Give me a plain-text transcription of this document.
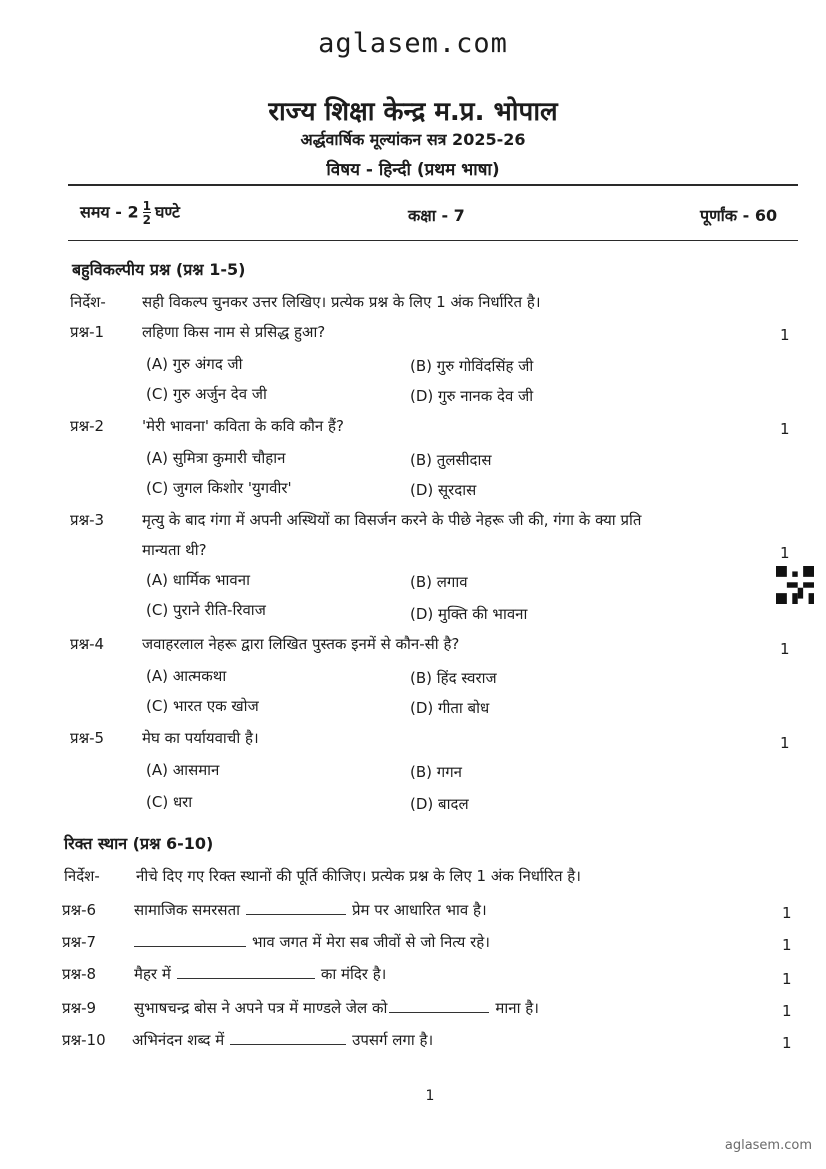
aglasem.com
राज्य शिक्षा केन्द्र म.प्र. भोपाल
अर्द्धवार्षिक मूल्यांकन सत्र 2025-26
विषय - हिन्दी (प्रथम भाषा)
समय - $2 \frac{1}{2}$ घण्टे	कक्षा - 7	पूर्णांक - 60
बहुविकल्पीय प्रश्न (प्रश्न 1-5)
निर्देश- सही विकल्प चुनकर उत्तर लिखिए। प्रत्येक प्रश्न के लिए 1 अंक निर्धारित है।
प्रश्न-1	लहिणा किस नाम से प्रसिद्ध हुआ?	1
(A) गुरु अंगद जी	(B) गुरु गोविंदसिंह जी
(C) गुरु अर्जुन देव जी	(D) गुरु नानक देव जी
प्रश्न-2	'मेरी भावना' कविता के कवि कौन हैं?	1
(A) सुमित्रा कुमारी चौहान	(B) तुलसीदास
(C) जुगल किशोर 'युगवीर'	(D) सूरदास
प्रश्न-3	मृत्यु के बाद गंगा में अपनी अस्थियों का विसर्जन करने के पीछे नेहरू जी की, गंगा के क्या प्रति
मान्यता थी?	1
(A) धार्मिक भावना	(B) लगाव
(C) पुराने रीति-रिवाज	(D) मुक्ति की भावना
प्रश्न-4	जवाहरलाल नेहरू द्वारा लिखित पुस्तक इनमें से कौन-सी है?	1
(A) आत्मकथा	(B) हिंद स्वराज
(C) भारत एक खोज	(D) गीता बोध
प्रश्न-5	मेघ का पर्यायवाची है।	1
(A) आसमान	(B) गगन
(C) धरा	(D) बादल
रिक्त स्थान (प्रश्न 6-10)
निर्देश- नीचे दिए गए रिक्त स्थानों की पूर्ति कीजिए। प्रत्येक प्रश्न के लिए 1 अंक निर्धारित है।
प्रश्न-6	सामाजिक समरसता	प्रेम पर आधारित भाव है।	1
प्रश्न-7	भाव जगत में मेरा सब जीवों से जो नित्य रहे।	1
प्रश्न-8	मैहर में	का मंदिर है।	1
प्रश्न-9	सुभाषचन्द्र बोस ने अपने पत्र में माण्डले जेल को	माना है।	1
प्रश्न-10 अभिनंदन शब्द में	उपसर्ग लगा है।	1
1
aglasem.com
